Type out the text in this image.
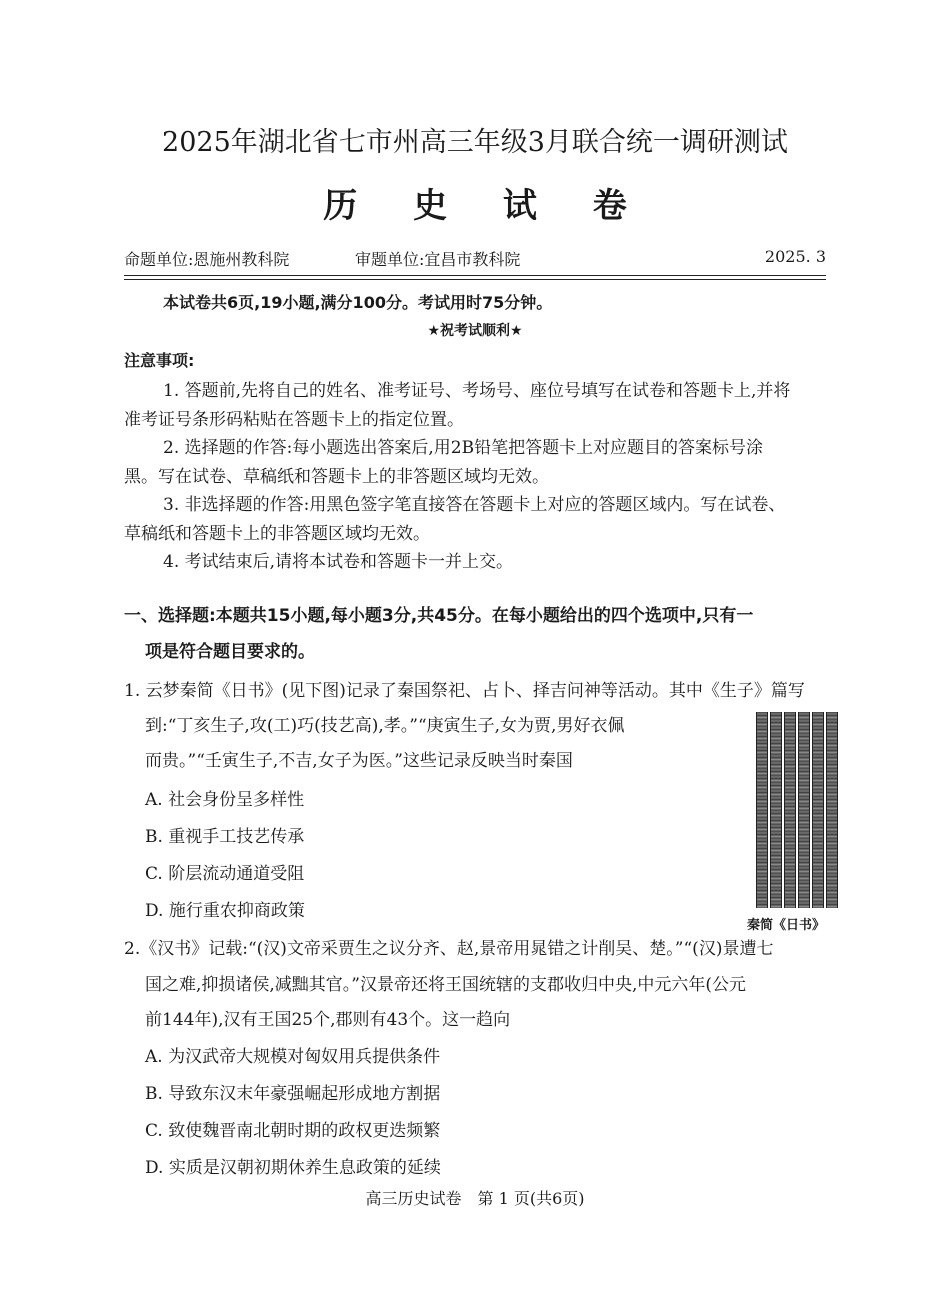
2025年湖北省七市州高三年级3月联合统一调研测试
历 史 试 卷
命题单位:恩施州教科院	审题单位:宜昌市教科院	2025. 3
本试卷共6页,19小题,满分100分。考试用时75分钟。
★祝考试顺利★
注意事项:
1. 答题前,先将自己的姓名、准考证号、考场号、座位号填写在试卷和答题卡上,并将
准考证号条形码粘贴在答题卡上的指定位置。
2. 选择题的作答:每小题选出答案后,用2B铅笔把答题卡上对应题目的答案标号涂
黑。写在试卷、草稿纸和答题卡上的非答题区域均无效。
3. 非选择题的作答:用黑色签字笔直接答在答题卡上对应的答题区域内。写在试卷、
草稿纸和答题卡上的非答题区域均无效。
4. 考试结束后,请将本试卷和答题卡一并上交。
一、选择题:本题共15小题,每小题3分,共45分。在每小题给出的四个选项中,只有一
项是符合题目要求的。
1. 云梦秦简《日书》(见下图)记录了秦国祭祀、占卜、择吉问神等活动。其中《生子》篇写
到:“丁亥生子,攻(工)巧(技艺高),孝。”“庚寅生子,女为贾,男好衣佩
而贵。”“壬寅生子,不吉,女子为医。”这些记录反映当时秦国
A. 社会身份呈多样性
B. 重视手工技艺传承
C. 阶层流动通道受阻
D. 施行重农抑商政策
秦简《日书》
2.《汉书》记载:“(汉)文帝采贾生之议分齐、赵,景帝用晁错之计削吴、楚。”“(汉)景遭七
国之难,抑损诸侯,减黜其官。”汉景帝还将王国统辖的支郡收归中央,中元六年(公元
前144年),汉有王国25个,郡则有43个。这一趋向
A. 为汉武帝大规模对匈奴用兵提供条件
B. 导致东汉末年豪强崛起形成地方割据
C. 致使魏晋南北朝时期的政权更迭频繁
D. 实质是汉朝初期休养生息政策的延续
高三历史试卷　第 1 页(共6页)
